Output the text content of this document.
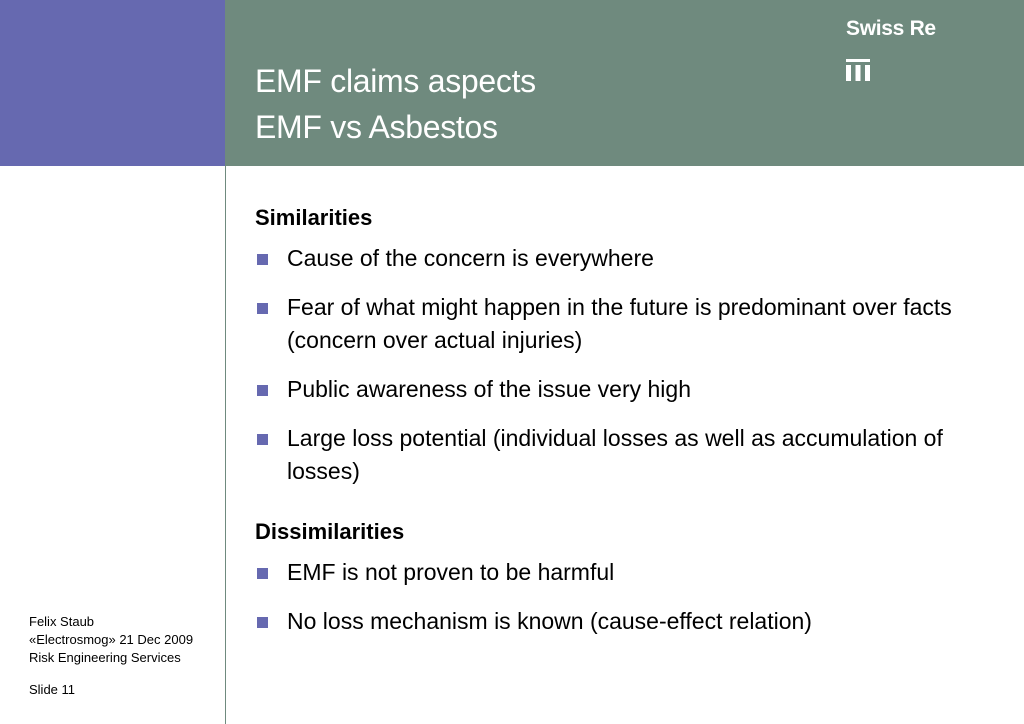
EMF claims aspects
EMF vs Asbestos
Swiss Re
Similarities
Cause of the concern is everywhere
Fear of what might happen in the future is predominant over facts (concern over actual injuries)
Public awareness of the issue very high
Large loss potential (individual losses as well as accumulation of losses)
Dissimilarities
EMF is not proven to be harmful
No loss mechanism is known (cause-effect relation)
Felix Staub
«Electrosmog» 21 Dec 2009
Risk Engineering Services
Slide 11
